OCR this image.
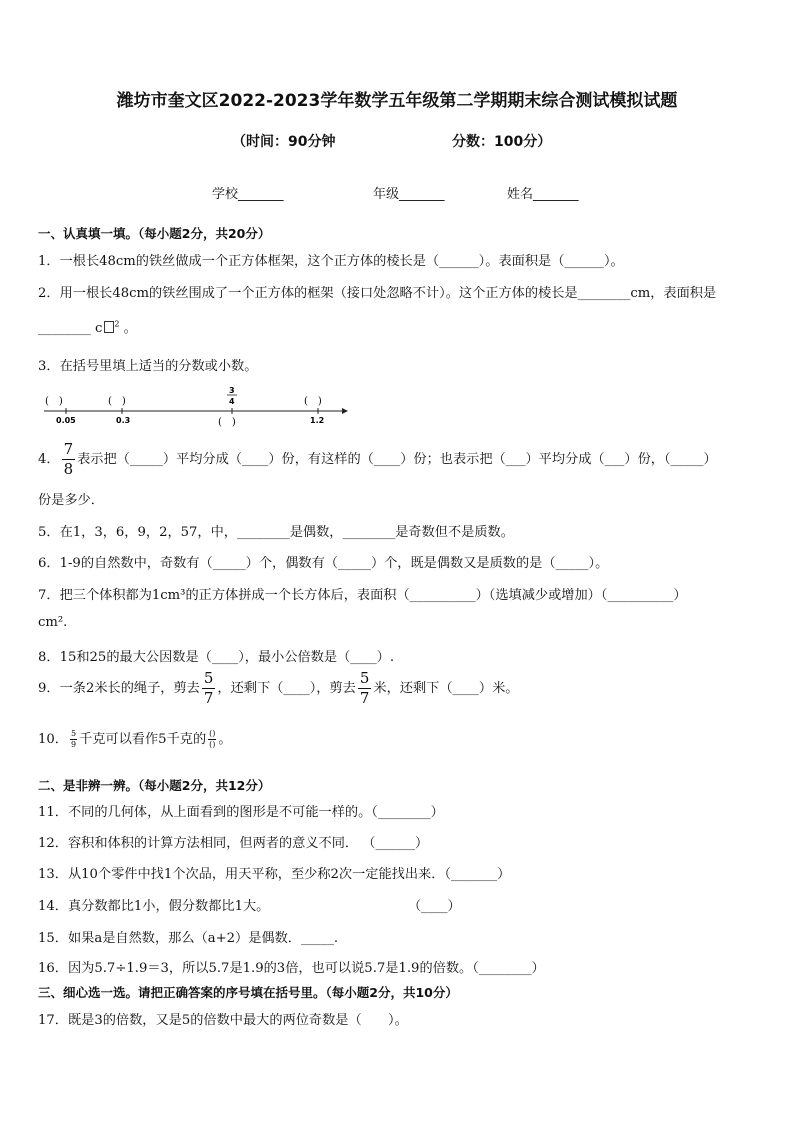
潍坊市奎文区2022-2023学年数学五年级第二学期期末综合测试模拟试题
（时间：90分钟	分数：100分）
学校_______	年级_______	姓名_______
一、认真填一填。（每小题2分，共20分）
1．一根长48cm的铁丝做成一个正方体框架，这个正方体的棱长是（______）。表面积是（______）。
2．用一根长48cm的铁丝围成了一个正方体的框架（接口处忽略不计）。这个正方体的棱长是________cm，表面积是
________ c $^2$ 。
3．在括号里填上适当的分数或小数。
(　)	(　)
(　)
(　)
0.05	0.3
3
4
1.2
4． $\frac{7}{8}$ 表示把（_____）平均分成（____）份，有这样的（____）份；也表示把（___）平均分成（___）份，（_____）
份是多少．
5．在1，3，6，9，2，57，中，________是偶数，________是奇数但不是质数。
6．1-9的自然数中，奇数有（_____）个，偶数有（_____）个，既是偶数又是质数的是（_____）。
7．把三个体积都为1cm³的正方体拼成一个长方体后，表面积（__________）（选填减少或增加）（__________）
cm².
8．15和25的最大公因数是（____），最小公倍数是（____）.
9．一条2米长的绳子，剪去 $\frac{5}{7}$ ，还剩下（____），剪去 $\frac{5}{7}$ 米，还剩下（____）米。
10． $\frac{5}{9}$ 千克可以看作5千克的 $\frac{()}{()}$ 。
二、是非辨一辨。（每小题2分，共12分）
11．不同的几何体，从上面看到的图形是不可能一样的。（________）
12．容积和体积的计算方法相同，但两者的意义不同． （______）
13．从10个零件中找1个次品，用天平称，至少称2次一定能找出来．（_______）
14．真分数都比1小，假分数都比1大。	（____）
15．如果a是自然数，那么（a+2）是偶数．_____.
16．因为5.7÷1.9＝3，所以5.7是1.9的3倍，也可以说5.7是1.9的倍数。（________）
三、细心选一选。请把正确答案的序号填在括号里。（每小题2分，共10分）
17．既是3的倍数，又是5的倍数中最大的两位奇数是（　　）。
